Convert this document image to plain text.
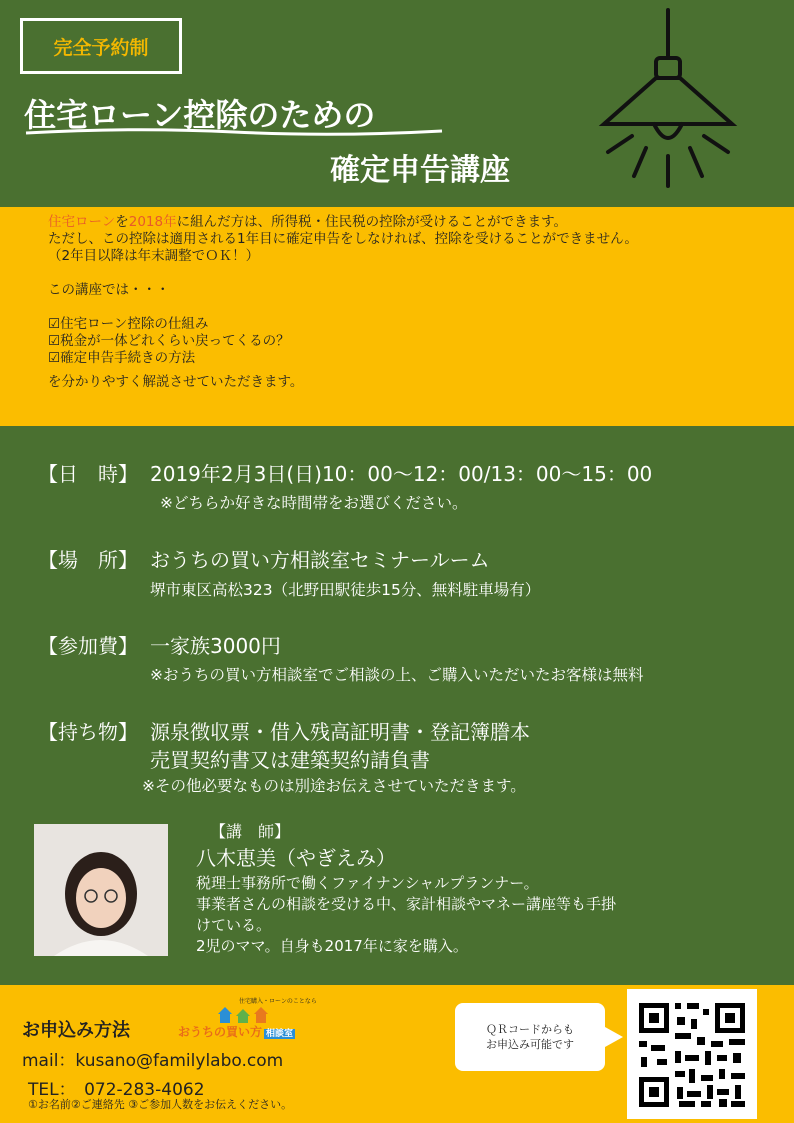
完全予約制
住宅ローン控除のための
確定申告講座

住宅ローンを2018年に組んだ方は、所得税・住民税の控除が受けることができます。

ただし、この控除は適用される1年目に確定申告をしなければ、控除を受けることができません。

（2年目以降は年末調整でＯＫ！）

この講座では・・・

☑住宅ローン控除の仕組み

☑税金が一体どれくらい戻ってくるの？

☑確定申告手続きの方法

を分かりやすく解説させていただきます。

【日　時】 2019年2月3日(日)10：00～12：00/13：00～15：00
※どちらか好きな時間帯をお選びください。
【場　所】 おうちの買い方相談室セミナールーム
堺市東区高松323（北野田駅徒歩15分、無料駐車場有）
【参加費】 一家族3000円
※おうちの買い方相談室でご相談の上、ご購入いただいたお客様は無料
【持ち物】 源泉徴収票・借入残高証明書・登記簿謄本
売買契約書又は建築契約請負書
※その他必要なものは別途お伝えさせていただきます。
【講　師】
八木恵美（やぎえみ）
税理士事務所で働くファイナンシャルプランナー。
事業者さんの相談を受ける中、家計相談やマネー講座等も手掛
けている。
2児のママ。自身も2017年に家を購入。
お申込み方法
住宅購入・ローンのことなら
おうちの買い方 相談室
mail：kusano@familylabo.com
TEL：　072-283-4062
①お名前②ご連絡先 ③ご参加人数をお伝えください。
ＱＲコードからも
お申込み可能です
